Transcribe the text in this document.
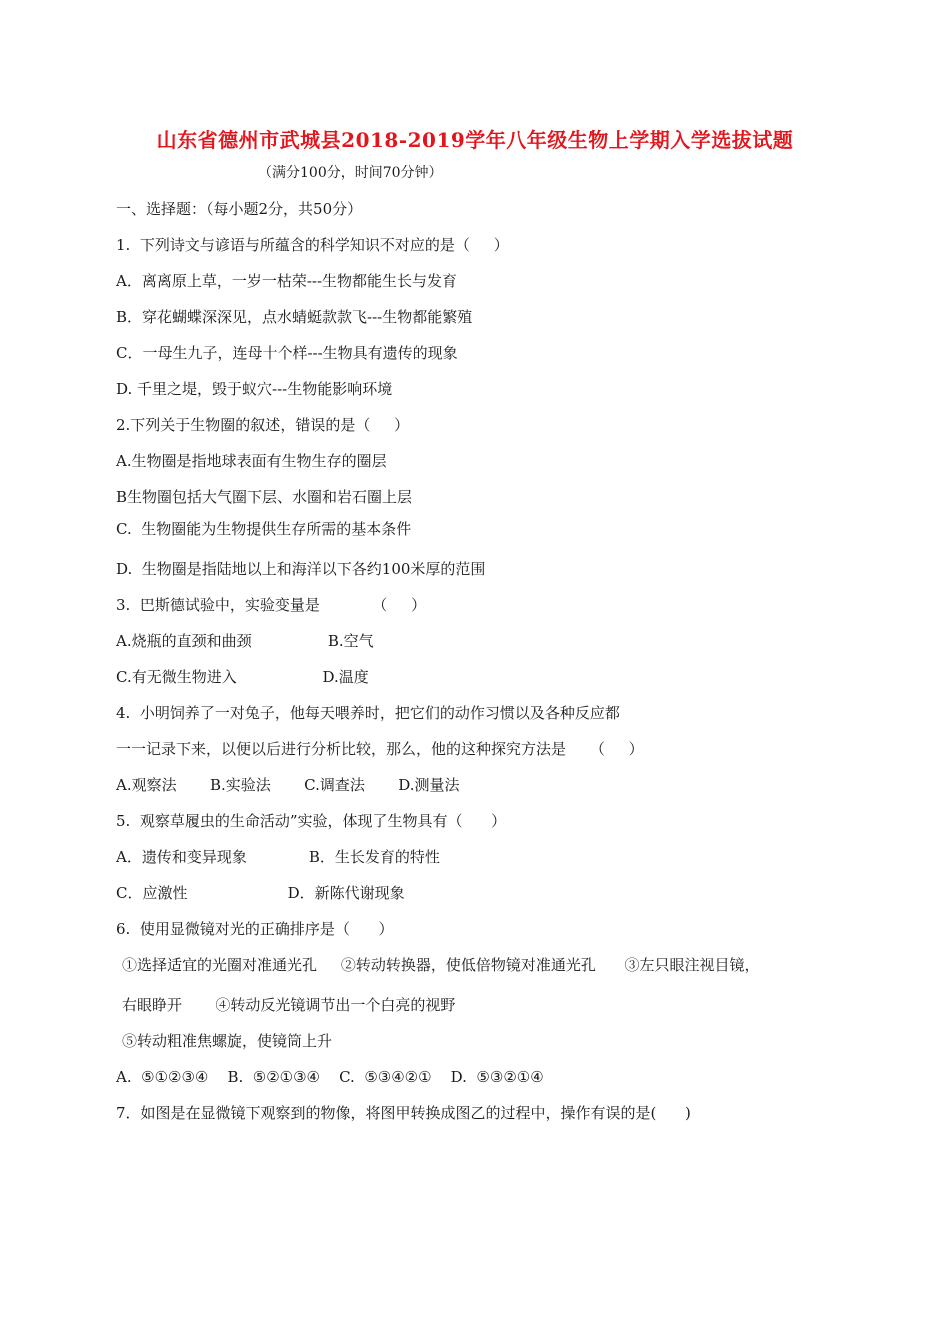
山东省德州市武城县2018-2019学年八年级生物上学期入学选拔试题
（满分100分，时间70分钟）
一、选择题：（每小题2分，共50分）
1.  下列诗文与谚语与所蕴含的科学知识不对应的是（     ）
A．离离原上草，一岁一枯荣---生物都能生长与发育
B．穿花蝴蝶深深见，点水蜻蜓款款飞---生物都能繁殖
C．一母生九子，连母十个样---生物具有遗传的现象
D. 千里之堤，毁于蚁穴---生物能影响环境
2.下列关于生物圈的叙述，错误的是（     ）
A.生物圈是指地球表面有生物生存的圈层
B生物圈包括大气圈下层、水圈和岩石圈上层
C.  生物圈能为生物提供生存所需的基本条件
D.  生物圈是指陆地以上和海洋以下各约100米厚的范围
3.  巴斯德试验中，实验变量是           （     ）
A.烧瓶的直颈和曲颈                B.空气
C.有无微生物进入                  D.温度
4.  小明饲养了一对兔子，他每天喂养时，把它们的动作习惯以及各种反应都
一一记录下来，以便以后进行分析比较，那么，他的这种探究方法是     （     ）
A.观察法       B.实验法       C.调查法       D.测量法
5.  观察草履虫的生命活动”实验，体现了生物具有（      ）
A．遗传和变异现象             B．生长发育的特性
C．应激性                     D．新陈代谢现象
6.  使用显微镜对光的正确排序是（      ）
①选择适宜的光圈对准通光孔     ②转动转换器，使低倍物镜对准通光孔      ③左只眼注视目镜，
右眼睁开       ④转动反光镜调节出一个白亮的视野
⑤转动粗准焦螺旋，使镜筒上升
A.  ⑤①②③④    B.  ⑤②①③④    C.  ⑤③④②①    D.  ⑤③②①④
7．如图是在显微镜下观察到的物像，将图甲转换成图乙的过程中，操作有误的是(      )
